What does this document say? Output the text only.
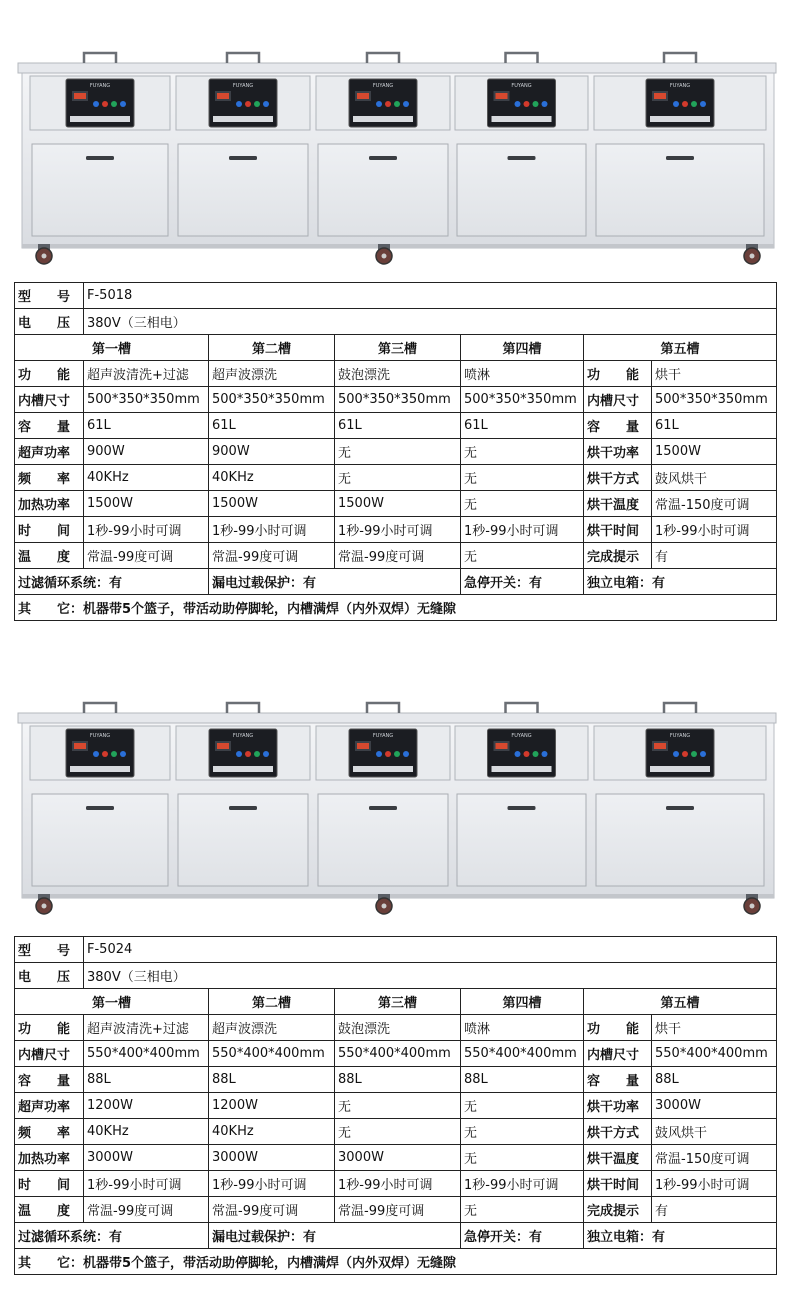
FUYANG	FUYANG	FUYANG	FUYANG	FUYANG
型　　号	F-5018					
电　　压	380V（三相电）					
第一槽		第二槽	第三槽	第四槽	第五槽	
功　　能	超声波清洗+过滤	超声波漂洗	鼓泡漂洗	喷淋	功　　能	烘干
内槽尺寸	500*350*350mm	500*350*350mm	500*350*350mm	500*350*350mm	内槽尺寸	500*350*350mm
容　　量	61L	61L	61L	61L	容　　量	61L
超声功率	900W	900W	无	无	烘干功率	1500W
频　　率	40KHz	40KHz	无	无	烘干方式	鼓风烘干
加热功率	1500W	1500W	1500W	无	烘干温度	常温-150度可调
时　　间	1秒-99小时可调	1秒-99小时可调	1秒-99小时可调	1秒-99小时可调	烘干时间	1秒-99小时可调
温　　度	常温-99度可调	常温-99度可调	常温-99度可调	无	完成提示	有
过滤循环系统：有		漏电过载保护：有		急停开关：有	独立电箱：有	
其　　它：机器带5个篮子，带活动助停脚轮，内槽满焊（内外双焊）无缝隙						
FUYANG	FUYANG	FUYANG	FUYANG	FUYANG
型　　号	F-5024					
电　　压	380V（三相电）					
第一槽		第二槽	第三槽	第四槽	第五槽	
功　　能	超声波清洗+过滤	超声波漂洗	鼓泡漂洗	喷淋	功　　能	烘干
内槽尺寸	550*400*400mm	550*400*400mm	550*400*400mm	550*400*400mm	内槽尺寸	550*400*400mm
容　　量	88L	88L	88L	88L	容　　量	88L
超声功率	1200W	1200W	无	无	烘干功率	3000W
频　　率	40KHz	40KHz	无	无	烘干方式	鼓风烘干
加热功率	3000W	3000W	3000W	无	烘干温度	常温-150度可调
时　　间	1秒-99小时可调	1秒-99小时可调	1秒-99小时可调	1秒-99小时可调	烘干时间	1秒-99小时可调
温　　度	常温-99度可调	常温-99度可调	常温-99度可调	无	完成提示	有
过滤循环系统：有		漏电过载保护：有		急停开关：有	独立电箱：有	
其　　它：机器带5个篮子，带活动助停脚轮，内槽满焊（内外双焊）无缝隙						
